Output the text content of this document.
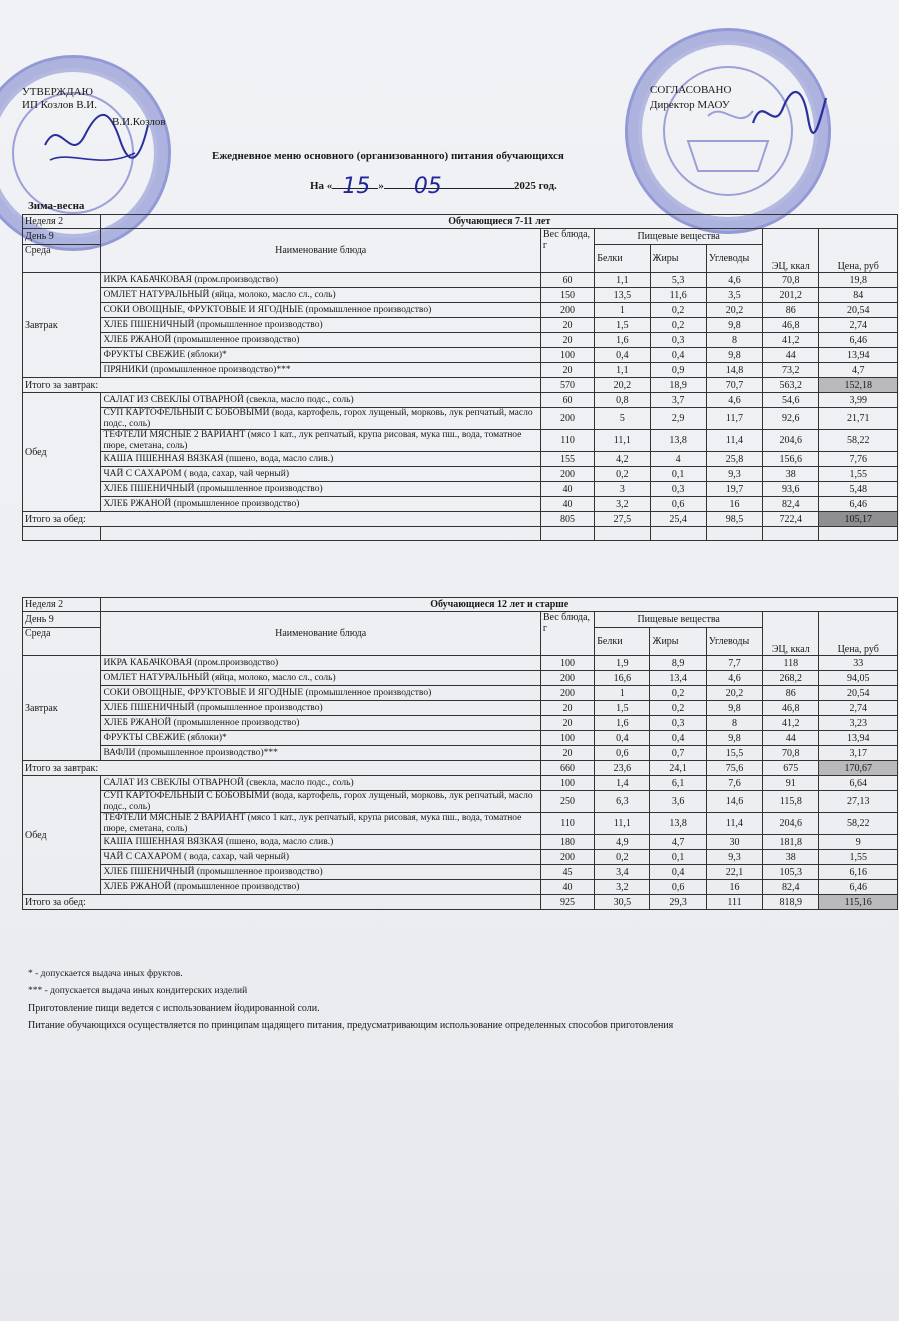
УТВЕРЖДАЮ
ИП Козлов В.И.
В.И.Козлов
СОГЛАСОВАНО
Директор МАОУ
Ежедневное меню основного (организованного) питания обучающихся
На « 15 » 05	2025 год.
Зима-весна
Неделя 2	Обучающиеся 7-11 лет						
День 9	Наименование блюда	Вес блюда, г	Пищевые вещества			ЭЦ, ккал	Цена, руб
Среда			Белки	Жиры	Углеводы		
Завтрак	ИКРА КАБАЧКОВАЯ (пром.производство)	60	1,1	5,3	4,6	70,8	19,8
	ОМЛЕТ НАТУРАЛЬНЫЙ (яйца, молоко, масло сл., соль)	150	13,5	11,6	3,5	201,2	84
	СОКИ ОВОЩНЫЕ, ФРУКТОВЫЕ И ЯГОДНЫЕ (промышленное производство)	200	1	0,2	20,2	86	20,54
	ХЛЕБ ПШЕНИЧНЫЙ (промышленное производство)	20	1,5	0,2	9,8	46,8	2,74
	ХЛЕБ РЖАНОЙ (промышленное производство)	20	1,6	0,3	8	41,2	6,46
	ФРУКТЫ СВЕЖИЕ (яблоки)*	100	0,4	0,4	9,8	44	13,94
	ПРЯНИКИ (промышленное производство)***	20	1,1	0,9	14,8	73,2	4,7
Итого за завтрак:		570	20,2	18,9	70,7	563,2	152,18
Обед	САЛАТ ИЗ СВЕКЛЫ ОТВАРНОЙ (свекла, масло подс., соль)	60	0,8	3,7	4,6	54,6	3,99
	СУП КАРТОФЕЛЬНЫЙ С БОБОВЫМИ (вода, картофель, горох лущеный, морковь, лук репчатый, масло подс., соль)	200	5	2,9	11,7	92,6	21,71
	ТЕФТЕЛИ МЯСНЫЕ 2 ВАРИАНТ (мясо 1 кат., лук репчатый, крупа рисовая, мука пш., вода, томатное пюре, сметана, соль)	110	11,1	13,8	11,4	204,6	58,22
	КАША ПШЕННАЯ ВЯЗКАЯ (пшено, вода, масло слив.)	155	4,2	4	25,8	156,6	7,76
	ЧАЙ С САХАРОМ ( вода, сахар, чай черный)	200	0,2	0,1	9,3	38	1,55
	ХЛЕБ ПШЕНИЧНЫЙ (промышленное производство)	40	3	0,3	19,7	93,6	5,48
	ХЛЕБ РЖАНОЙ (промышленное производство)	40	3,2	0,6	16	82,4	6,46
Итого за обед:		805	27,5	25,4	98,5	722,4	105,17

Неделя 2	Обучающиеся 12 лет и старше						
День 9	Наименование блюда	Вес блюда, г	Пищевые вещества			ЭЦ, ккал	Цена, руб
Среда			Белки	Жиры	Углеводы		
Завтрак	ИКРА КАБАЧКОВАЯ (пром.производство)	100	1,9	8,9	7,7	118	33
	ОМЛЕТ НАТУРАЛЬНЫЙ (яйца, молоко, масло сл., соль)	200	16,6	13,4	4,6	268,2	94,05
	СОКИ ОВОЩНЫЕ, ФРУКТОВЫЕ И ЯГОДНЫЕ (промышленное производство)	200	1	0,2	20,2	86	20,54
	ХЛЕБ ПШЕНИЧНЫЙ (промышленное производство)	20	1,5	0,2	9,8	46,8	2,74
	ХЛЕБ РЖАНОЙ (промышленное производство)	20	1,6	0,3	8	41,2	3,23
	ФРУКТЫ СВЕЖИЕ (яблоки)*	100	0,4	0,4	9,8	44	13,94
	ВАФЛИ (промышленное производство)***	20	0,6	0,7	15,5	70,8	3,17
Итого за завтрак:		660	23,6	24,1	75,6	675	170,67
Обед	САЛАТ ИЗ СВЕКЛЫ ОТВАРНОЙ (свекла, масло подс., соль)	100	1,4	6,1	7,6	91	6,64
	СУП КАРТОФЕЛЬНЫЙ С БОБОВЫМИ (вода, картофель, горох лущеный, морковь, лук репчатый, масло подс., соль)	250	6,3	3,6	14,6	115,8	27,13
	ТЕФТЕЛИ МЯСНЫЕ 2 ВАРИАНТ (мясо 1 кат., лук репчатый, крупа рисовая, мука пш., вода, томатное пюре, сметана, соль)	110	11,1	13,8	11,4	204,6	58,22
	КАША ПШЕННАЯ ВЯЗКАЯ (пшено, вода, масло слив.)	180	4,9	4,7	30	181,8	9
	ЧАЙ С САХАРОМ ( вода, сахар, чай черный)	200	0,2	0,1	9,3	38	1,55
	ХЛЕБ ПШЕНИЧНЫЙ (промышленное производство)	45	3,4	0,4	22,1	105,3	6,16
	ХЛЕБ РЖАНОЙ (промышленное производство)	40	3,2	0,6	16	82,4	6,46
Итого за обед:		925	30,5	29,3	111	818,9	115,16
* - допускается выдача иных фруктов.
*** - допускается выдача иных кондитерских изделий
Приготовление пищи ведется с использованием йодированной соли.
Питание обучающихся осуществляется по принципам щадящего питания, предусматривающим использование определенных способов приготовления
